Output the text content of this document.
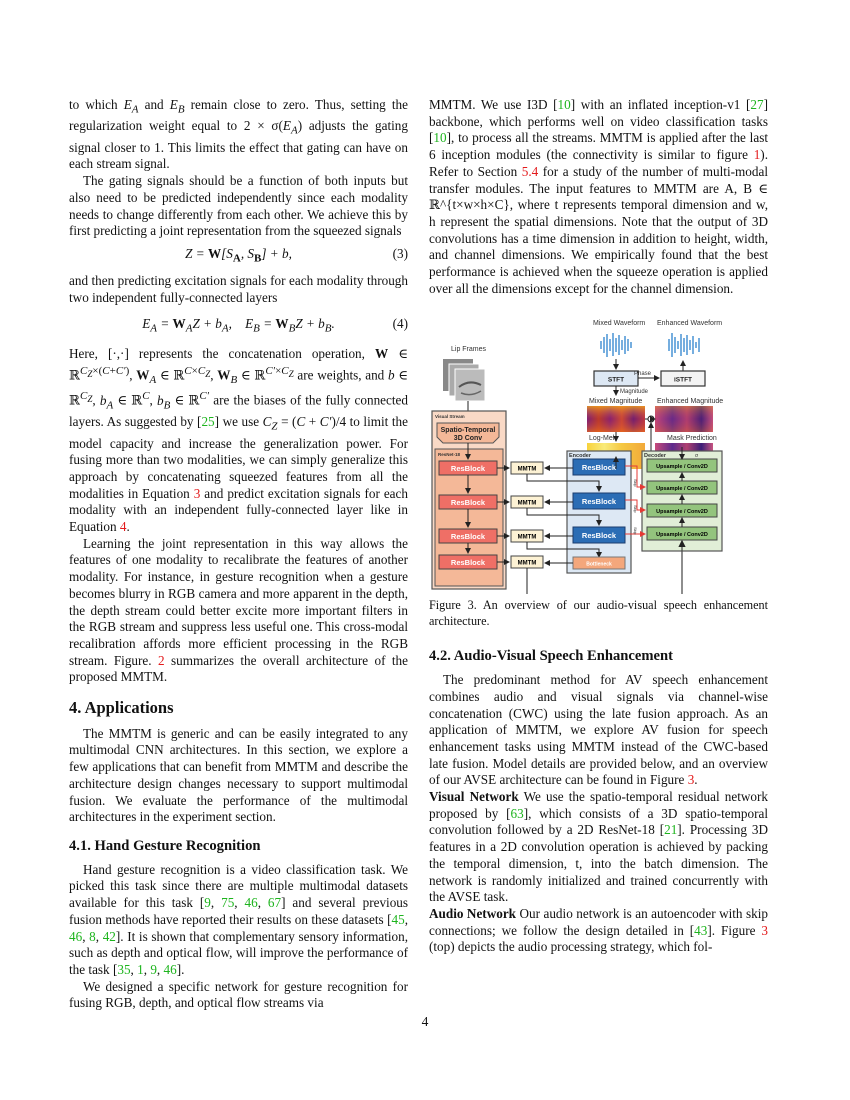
to which $E_A$ and $E_B$ remain close to zero. Thus, setting the regularization weight equal to $2 \times \sigma(E_A)$ adjusts the gating signal closer to 1. This limits the effect that gating can have on each stream signal.

The gating signals should be a function of both inputs but also need to be predicted independently since each modality needs to change differently from each other. We achieve this by first predicting a joint representation from the squeezed signals

$Z = W[S_A$, $S_B] + b$,	(3)

and then predicting excitation signals for each modality through two independent fully-connected layers

$E_A = W_AZ + b_A$,    $E_B = W_BZ + b_B$.	(4)

Here, [·,·] represents the concatenation operation, W ∈ ℝ$^{C_Z\times(C+C')}$, $W_A$ ∈ ℝ$^{C\times C_Z}$, $W_B$ ∈ ℝ$^{C'\times C_Z}$ are weights, and b ∈ ℝ$^{C_Z}$, $b_A$ ∈ ℝ$^C$, $b_B$ ∈ ℝ$^{C'}$ are the biases of the fully connected layers. As suggested by [25] we use $C_Z = (C + C')/4$ to limit the model capacity and increase the generalization power. For fusing more than two modalities, we can simply generalize this approach by concatenating squeezed features from all the modalities in Equation 3 and predict excitation signals for each modality with an independent fully-connected layer like in Equation 4.

Learning the joint representation in this way allows the features of one modality to recalibrate the features of another modality. For instance, in gesture recognition when a gesture becomes blurry in RGB camera and more apparent in the depth, the depth stream could better excite more important filters in the RGB stream and suppress less useful one. This cross-modal recalibration affords more efficient processing in the RGB stream. Figure. 2 summarizes the overall architecture of the proposed MMTM.

4. Applications

The MMTM is generic and can be easily integrated to any multimodal CNN architectures. In this section, we explore a few applications that can benefit from MMTM and describe the architecture design changes necessary to support multimodal fusion. We evaluate the performance of the multimodal architectures in the experiment section.

4.1. Hand Gesture Recognition

Hand gesture recognition is a video classification task. We picked this task since there are multiple multimodal datasets available for this task [9, 75, 46, 67] and several previous fusion methods have reported their results on these datasets [45, 46, 8, 42]. It is shown that complementary sensory information, such as depth and optical flow, will improve the performance of the task [35, 1, 9, 46].

We designed a specific network for gesture recognition for fusing RGB, depth, and optical flow streams via

MMTM. We use I3D [10] with an inflated inception-v1 [27] backbone, which performs well on video classification tasks [10], to process all the streams. MMTM is applied after the last 6 inception modules (the connectivity is similar to figure 1). Refer to Section 5.4 for a study of the number of multi-modal transfer modules. The input features to MMTM are A, B ∈ ℝ^{t×w×h×C}, where t represents temporal dimension and w, h represent the spatial dimensions. Note that the output of 3D convolutions has a time dimension in addition to height, width, and channel dimensions. We empirically found that the best performance is achieved when the squeeze operation is applied over all the dimensions except for the channel dimension.

Mixed Waveform Enhanced Waveform
STFT	iSTFT
Phase
Magnitude
Mixed Magnitude Enhanced Magnitude
•
Log-Mel	Mask Prediction
Lip Frames
Visual Stream
Spatio-Temporal
3D Conv
ResNet-18
ResBlock
ResBlock
ResBlock
ResBlock
MMTM
MMTM
MMTM
MMTM
Encoder
ResBlock
ResBlock
ResBlock
Bottleneck
Decoder	σ
Upsample / Conv2D
Upsample / Conv2D
Upsample / Conv2D
Upsample / Conv2D
Skip
Skip
Skip

Figure 3. An overview of our audio-visual speech enhancement architecture.

4.2. Audio-Visual Speech Enhancement

The predominant method for AV speech enhancement combines audio and visual signals via channel-wise concatenation (CWC) using the late fusion approach. As an application of MMTM, we explore AV fusion for speech enhancement tasks using MMTM instead of the CWC-based late fusion. Model details are provided below, and an overview of our AVSE architecture can be found in Figure 3.

Visual Network We use the spatio-temporal residual network proposed by [63], which consists of a 3D spatio-temporal convolution followed by a 2D ResNet-18 [21]. Processing 3D features in a 2D convolution operation is achieved by packing the temporal dimension, t, into the batch dimension. The network is randomly initialized and trained concurrently with the AVSE task.

Audio Network Our audio network is an autoencoder with skip connections; we follow the design detailed in [43]. Figure 3 (top) depicts the audio processing strategy, which fol-

4
